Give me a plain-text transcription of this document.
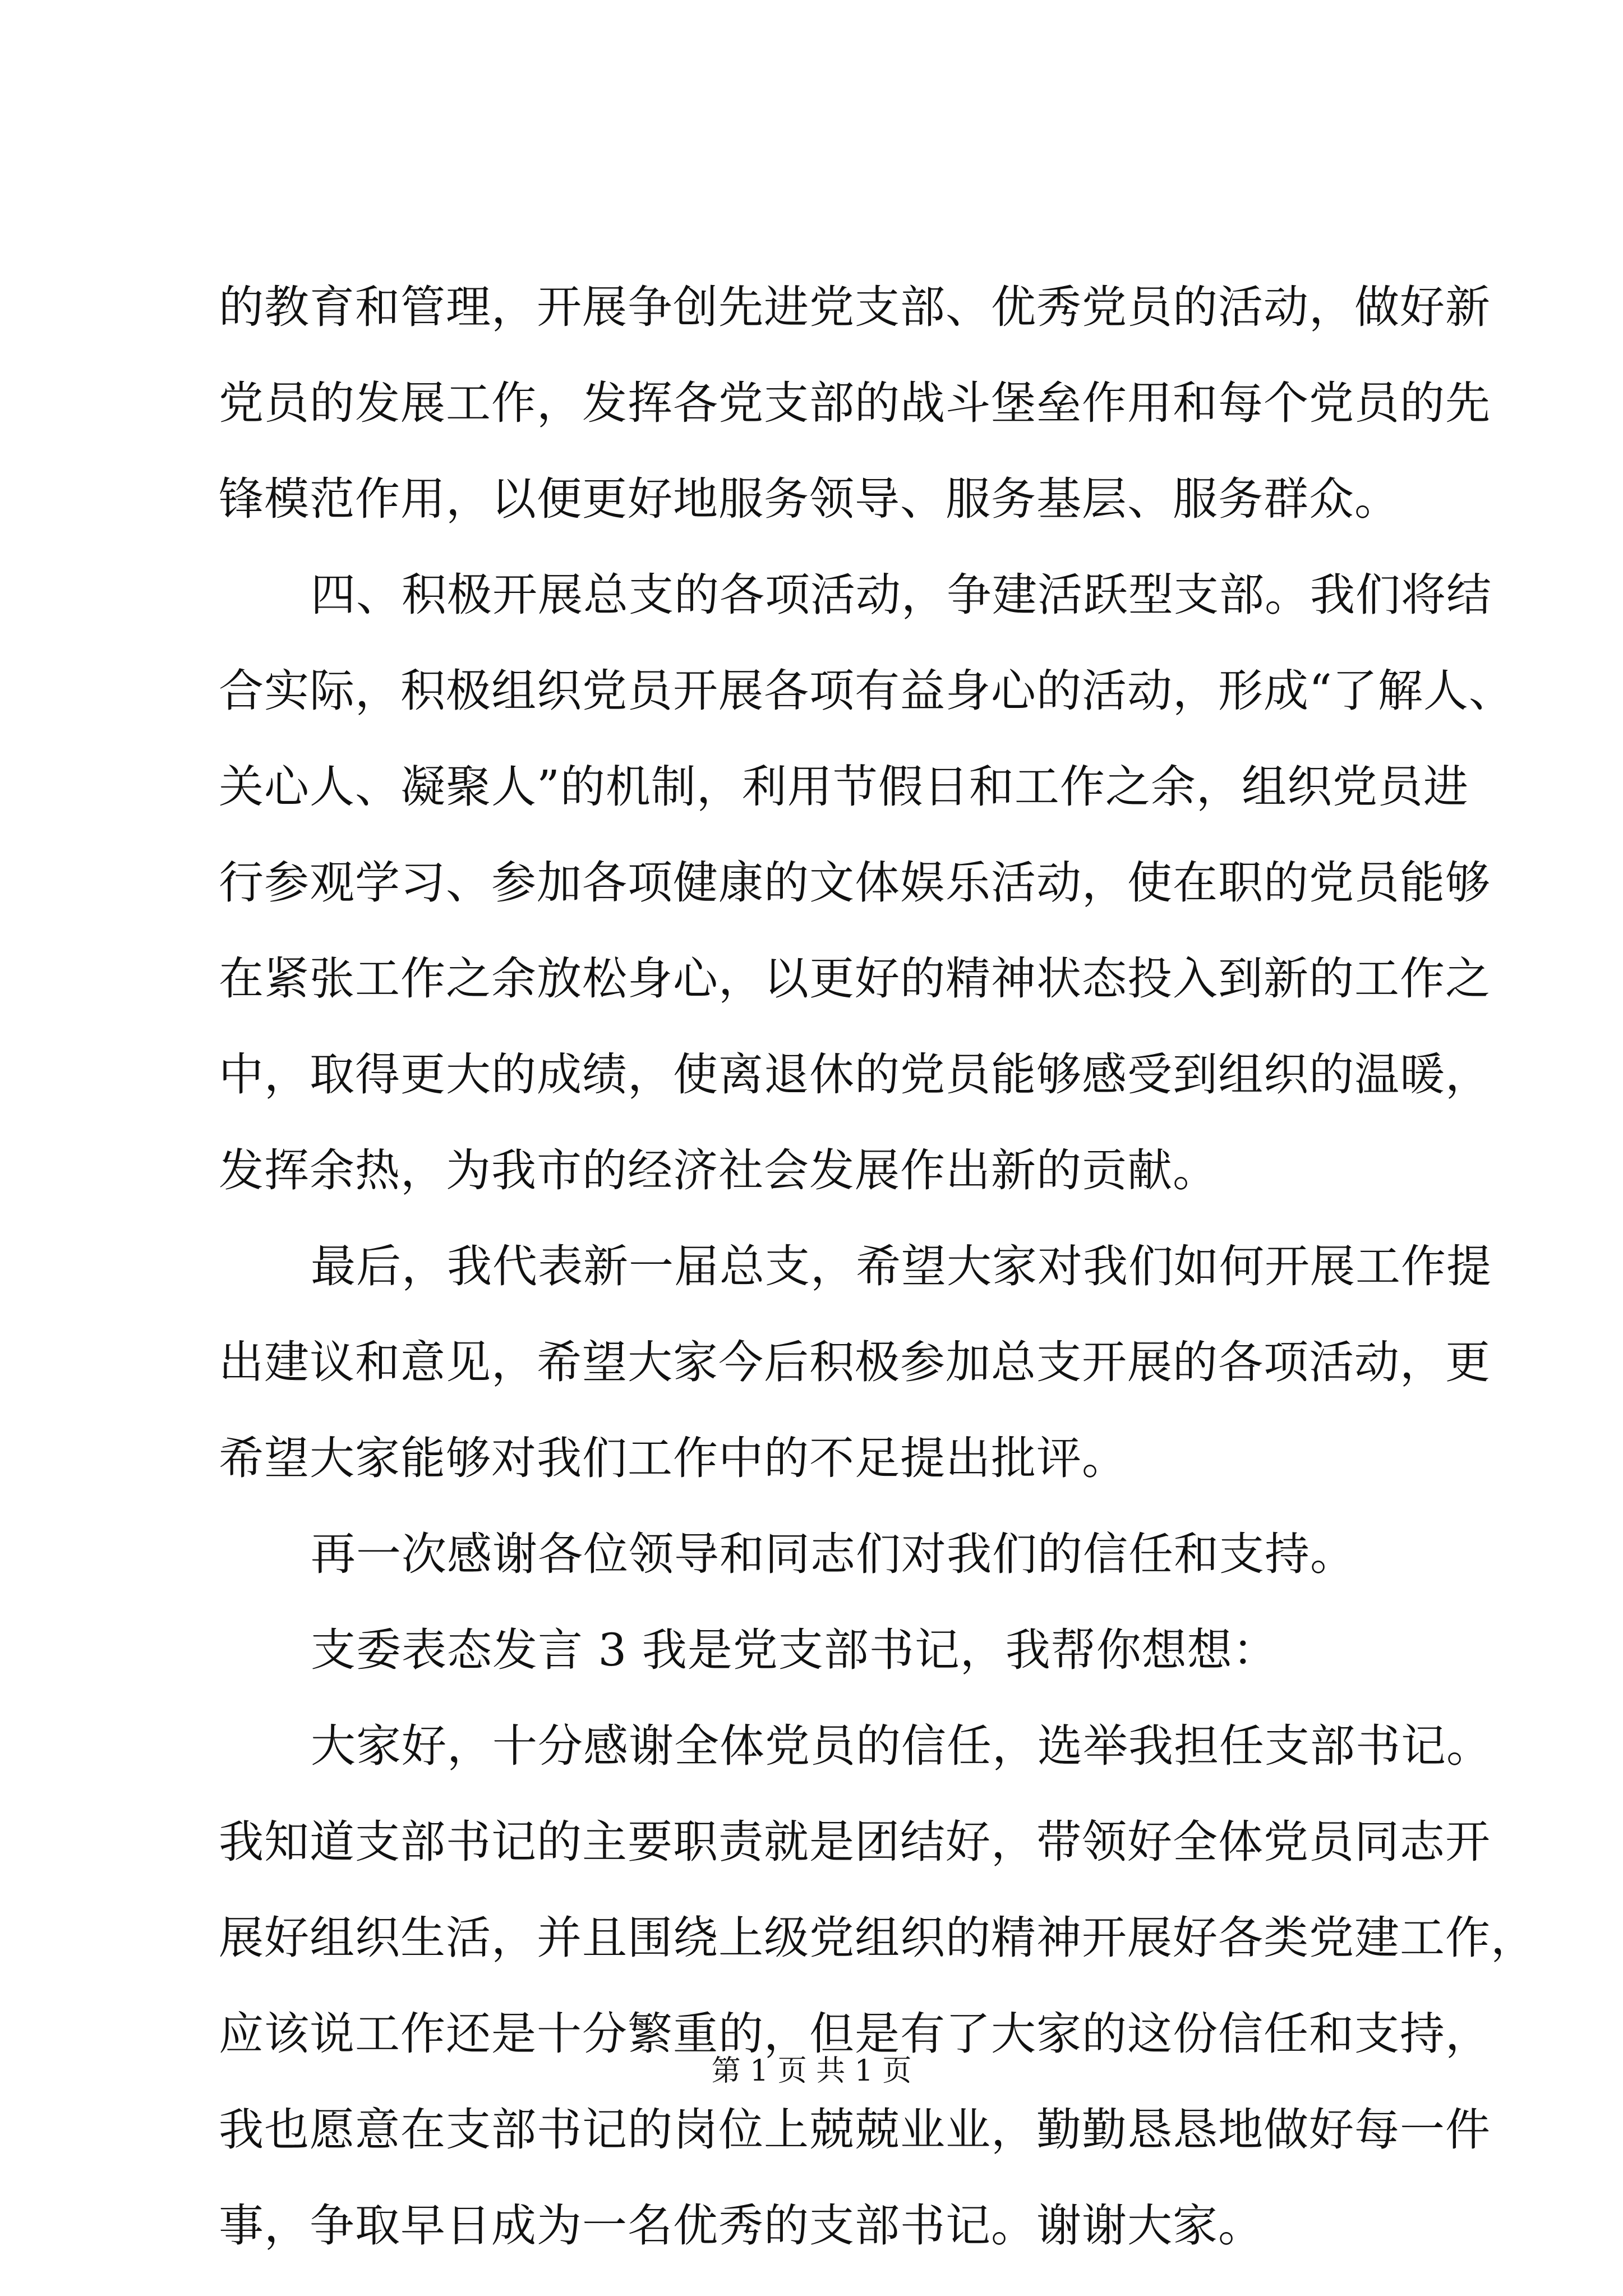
的教育和管理，开展争创先进党支部、优秀党员的活动，做好新
党员的发展工作，发挥各党支部的战斗堡垒作用和每个党员的先
锋模范作用，以便更好地服务领导、服务基层、服务群众。
四、积极开展总支的各项活动，争建活跃型支部。我们将结
合实际，积极组织党员开展各项有益身心的活动，形成“了解人、
关心人、凝聚人”的机制，利用节假日和工作之余，组织党员进
行参观学习、参加各项健康的文体娱乐活动，使在职的党员能够
在紧张工作之余放松身心，以更好的精神状态投入到新的工作之
中，取得更大的成绩，使离退休的党员能够感受到组织的温暖，
发挥余热，为我市的经济社会发展作出新的贡献。
最后，我代表新一届总支，希望大家对我们如何开展工作提
出建议和意见，希望大家今后积极参加总支开展的各项活动，更
希望大家能够对我们工作中的不足提出批评。
再一次感谢各位领导和同志们对我们的信任和支持。
支委表态发言 3 我是党支部书记，我帮你想想：
大家好，十分感谢全体党员的信任，选举我担任支部书记。
我知道支部书记的主要职责就是团结好，带领好全体党员同志开
展好组织生活，并且围绕上级党组织的精神开展好各类党建工作，
应该说工作还是十分繁重的，但是有了大家的这份信任和支持，
我也愿意在支部书记的岗位上兢兢业业，勤勤恳恳地做好每一件
事，争取早日成为一名优秀的支部书记。谢谢大家。
第 1 页 共 1 页
